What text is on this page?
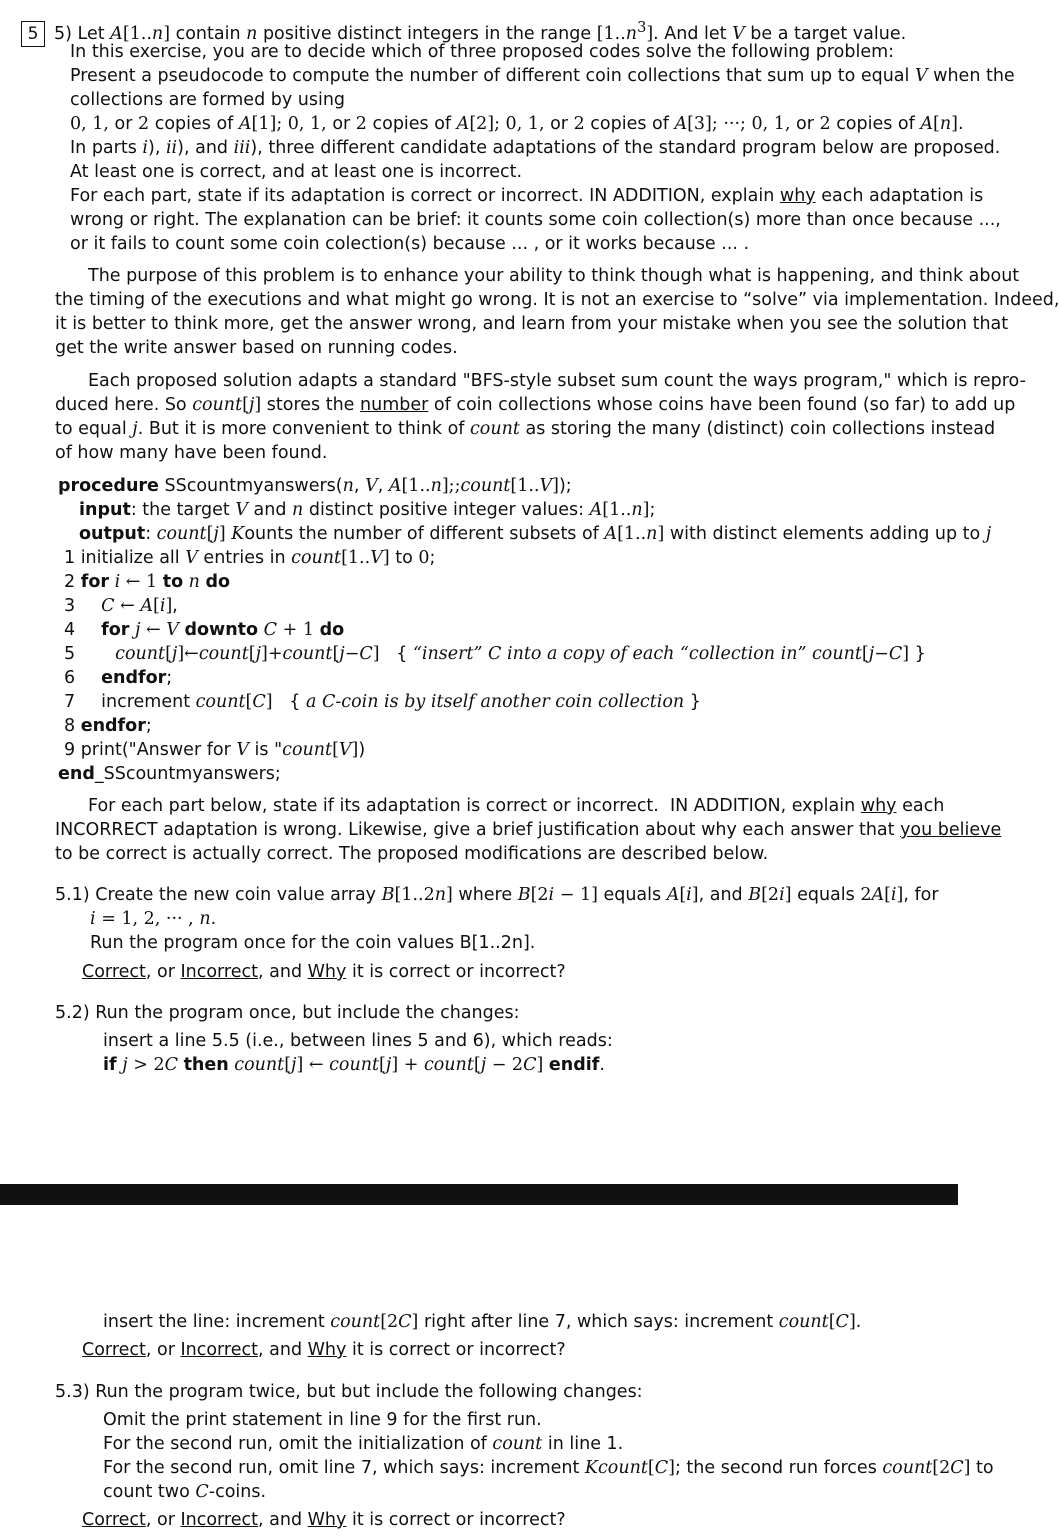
5 5) Let A[1..n] contain n positive distinct integers in the range $[1..n^3]$. And let V be a target value.
In this exercise, you are to decide which of three proposed codes solve the following problem:
Present a pseudocode to compute the number of different coin collections that sum up to equal V when the
collections are formed by using
0, 1, or 2 copies of A[1]; 0, 1, or 2 copies of A[2]; 0, 1, or 2 copies of A[3]; ···; 0, 1, or 2 copies of A[n].
In parts i), ii), and iii), three different candidate adaptations of the standard program below are proposed.
At least one is correct, and at least one is incorrect.
For each part, state if its adaptation is correct or incorrect. IN ADDITION, explain why each adaptation is
wrong or right. The explanation can be brief: it counts some coin collection(s) more than once because ...,
or it fails to count some coin colection(s) because ... , or it works because ... .
The purpose of this problem is to enhance your ability to think though what is happening, and think about
the timing of the executions and what might go wrong. It is not an exercise to “solve” via implementation. Indeed,
it is better to think more, get the answer wrong, and learn from your mistake when you see the solution that
get the write answer based on running codes.
Each proposed solution adapts a standard "BFS-style subset sum count the ways program," which is repro-
duced here. So count[j] stores the number of coin collections whose coins have been found (so far) to add up
to equal j. But it is more convenient to think of count as storing the many (distinct) coin collections instead
of how many have been found.
procedure SScountmyanswers(n, V, A[1..n];;count[1..V]);
input: the target V and n distinct positive integer values: A[1..n];
output: count[j] Kounts the number of different subsets of A[1..n] with distinct elements adding up to j
1 initialize all V entries in count[1..V] to 0;
2 for i ← 1 to n do
3 C ← A[i],
4 for j ← V downto C + 1 do
5 count[j]←count[j]+count[j−C]   { “insert” C into a copy of each “collection in” count[j−C] }
6 endfor;
7 increment count[C]   { a C-coin is by itself another coin collection }
8 endfor;
9 print("Answer for V is "count[V])
end_SScountmyanswers;
For each part below, state if its adaptation is correct or incorrect.  IN ADDITION, explain why each
INCORRECT adaptation is wrong. Likewise, give a brief justification about why each answer that you believe
to be correct is actually correct. The proposed modifications are described below.
5.1) Create the new coin value array B[1..2n] where B[2i − 1] equals A[i], and B[2i] equals 2A[i], for
i = 1, 2, ··· , n.
Run the program once for the coin values B[1..2n].
Correct, or Incorrect, and Why it is correct or incorrect?
5.2) Run the program once, but include the changes:
insert a line 5.5 (i.e., between lines 5 and 6), which reads:
if j > 2C then count[j] ← count[j] + count[j − 2C] endif.
insert the line: increment count[2C] right after line 7, which says: increment count[C].
Correct, or Incorrect, and Why it is correct or incorrect?
5.3) Run the program twice, but but include the following changes:
Omit the print statement in line 9 for the first run.
For the second run, omit the initialization of count in line 1.
For the second run, omit line 7, which says: increment Kcount[C]; the second run forces count[2C] to
count two C-coins.
Correct, or Incorrect, and Why it is correct or incorrect?
